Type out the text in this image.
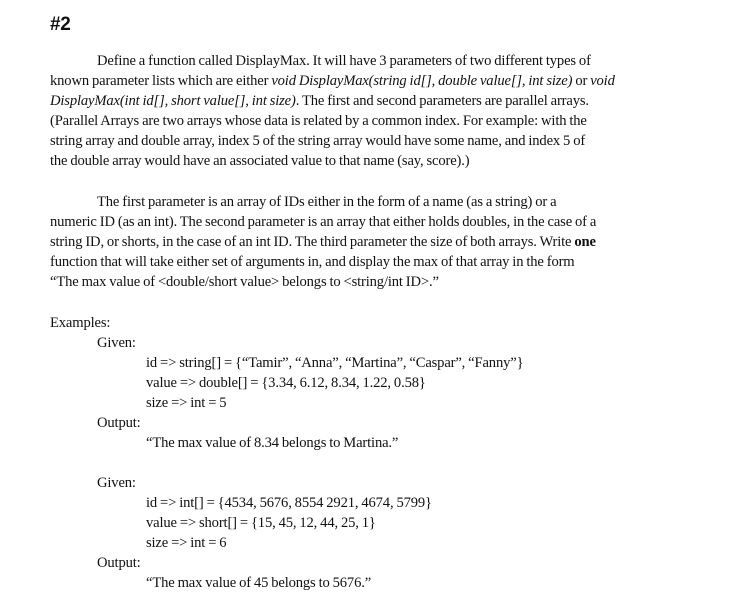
#2
Define a function called DisplayMax. It will have 3 parameters of two different types of
known parameter lists which are either void DisplayMax(string id[], double value[], int size) or void
DisplayMax(int id[], short value[], int size). The first and second parameters are parallel arrays.
(Parallel Arrays are two arrays whose data is related by a common index. For example: with the
string array and double array, index 5 of the string array would have some name, and index 5 of
the double array would have an associated value to that name (say, score).)
The first parameter is an array of IDs either in the form of a name (as a string) or a
numeric ID (as an int). The second parameter is an array that either holds doubles, in the case of a
string ID, or shorts, in the case of an int ID. The third parameter the size of both arrays. Write one
function that will take either set of arguments in, and display the max of that array in the form
“The max value of <double/short value> belongs to <string/int ID>.”
Examples:
Given:
id => string[] = {“Tamir”, “Anna”, “Martina”, “Caspar”, “Fanny”}
value => double[] = {3.34, 6.12, 8.34, 1.22, 0.58}
size => int = 5
Output:
“The max value of 8.34 belongs to Martina.”
Given:
id => int[] = {4534, 5676, 8554 2921, 4674, 5799}
value => short[] = {15, 45, 12, 44, 25, 1}
size => int = 6
Output:
“The max value of 45 belongs to 5676.”
